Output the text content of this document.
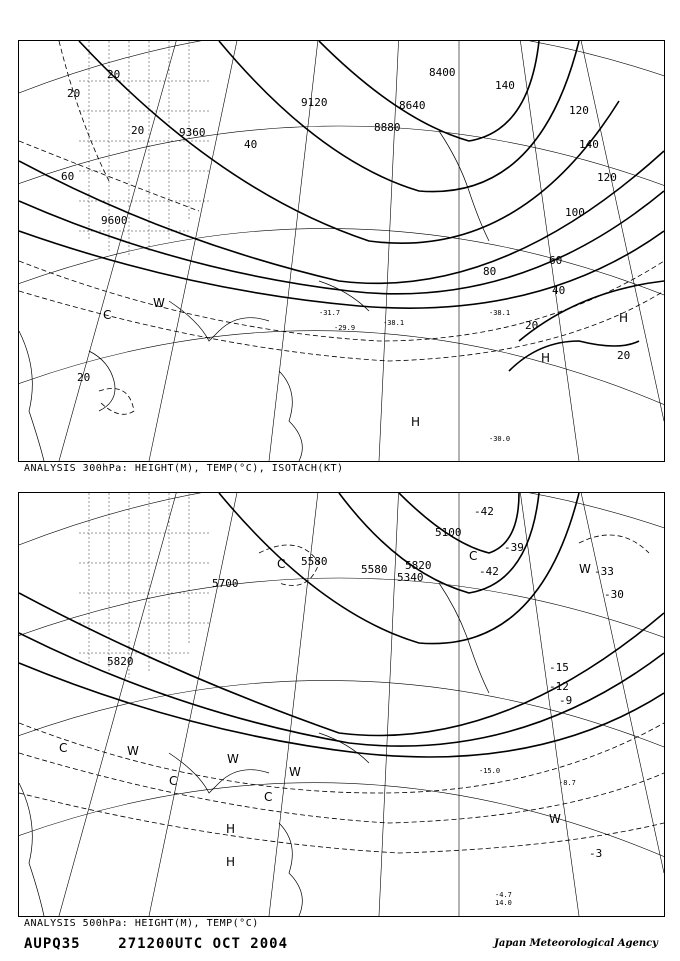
8400
8640
8880
9120
9360
9600
20
20
20
40
60
80
100
120
140
140
120
60
40
20
20
20
C
W
H
H
H
-38.1
-31.7
-29.9
-30.0
-38.1
ANALYSIS 300hPa: HEIGHT(M), TEMP(°C), ISOTACH(KT)
5100
5340
5580	5820
5700
5820
5580
-42
-42
-39
-33
-30
-15
-12
-9
-3
C
C
W
W
C
C
H
H
W
W
C
W
-4.7
14.0
-8.7
-15.0
ANALYSIS 500hPa: HEIGHT(M), TEMP(°C)
AUPQ35	271200UTC OCT 2004	Japan Meteorological Agency
